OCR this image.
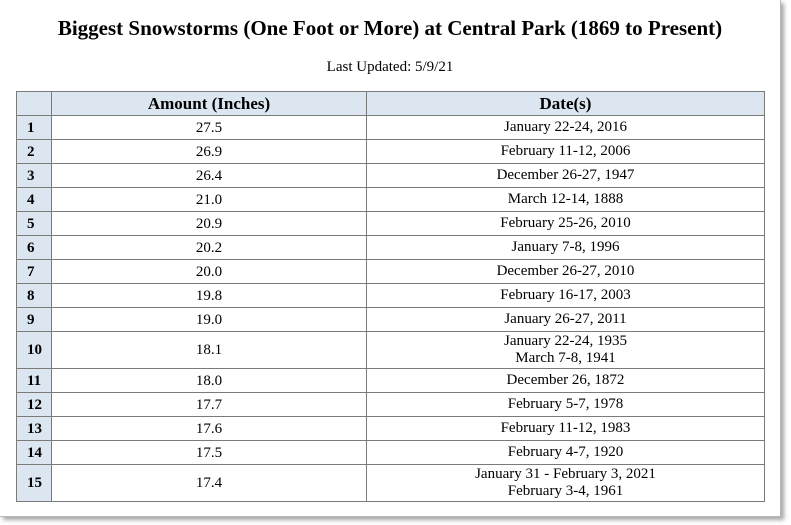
Biggest Snowstorms (One Foot or More) at Central Park (1869 to Present)
Last Updated: 5/9/21
	Amount (Inches)	Date(s)
1	27.5	January 22-24, 2016

2	26.9	February 11-12, 2006

3	26.4	December 26-27, 1947

4	21.0	March 12-14, 1888

5	20.9	February 25-26, 2010

6	20.2	January 7-8, 1996

7	20.0	December 26-27, 2010

8	19.8	February 16-17, 2003

9	19.0	January 26-27, 2011

10	18.1	January 22-24, 1935
March 7-8, 1941

11	18.0	December 26, 1872

12	17.7	February 5-7, 1978

13	17.6	February 11-12, 1983

14	17.5	February 4-7, 1920

15	17.4	January 31 - February 3, 2021
February 3-4, 1961
